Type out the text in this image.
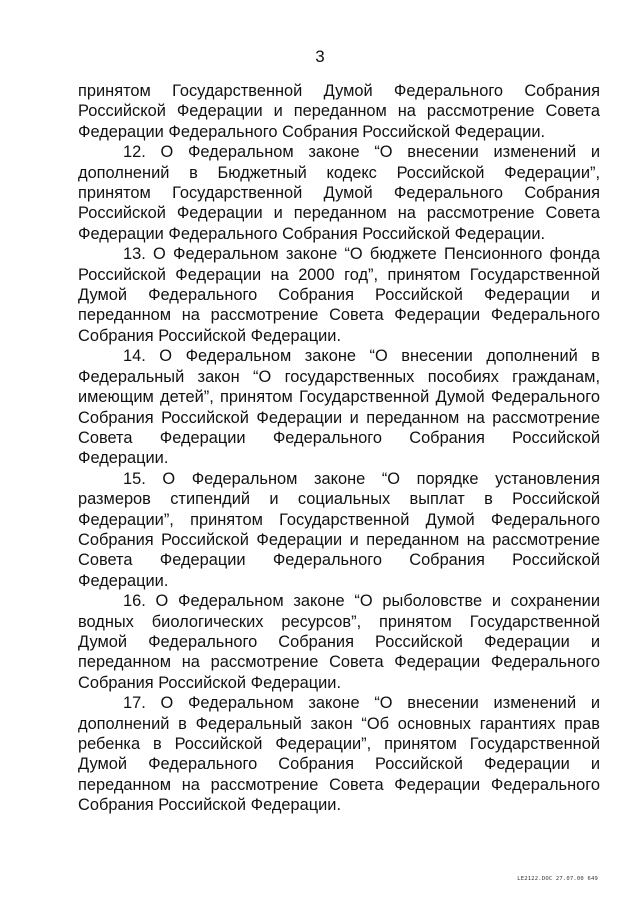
3

принятом Государственной Думой Федерального Собрания Российской Федерации и переданном на рассмотрение Совета Федерации Федерального Собрания Российской Федерации.

12. О Федеральном законе “О внесении изменений и дополнений в Бюджетный кодекс Российской Федерации”, принятом Государственной Думой Федерального Собрания Российской Федерации и переданном на рассмотрение Совета Федерации Федерального Собрания Российской Федерации.

13. О Федеральном законе “О бюджете Пенсионного фонда Российской Федерации на 2000 год”, принятом Государственной Думой Федерального Собрания Российской Федерации и переданном на рассмотрение Совета Федерации Федерального Собрания Российской Федерации.

14. О Федеральном законе “О внесении дополнений в Федеральный закон “О государственных пособиях гражданам, имеющим детей”, принятом Государственной Думой Федерального Собрания Российской Федерации и переданном на рассмотрение Совета Федерации Федерального Собрания Российской Федерации.

15. О Федеральном законе “О порядке установления размеров стипендий и социальных выплат в Российской Федерации”, принятом Государственной Думой Федерального Собрания Российской Федерации и переданном на рассмотрение Совета Федерации Федерального Собрания Российской Федерации.

16. О Федеральном законе “О рыболовстве и сохранении водных биологических ресурсов”, принятом Государственной Думой Федерального Собрания Российской Федерации и переданном на рассмотрение Совета Федерации Федерального Собрания Российской Федерации.

17. О Федеральном законе “О внесении изменений и дополнений в Федеральный закон “Об основных гарантиях прав ребенка в Российской Федерации”, принятом Государственной Думой Федерального Собрания Российской Федерации и переданном на рассмотрение Совета Федерации Федерального Собрания Российской Федерации.

LE2122.DOC 27.07.00 649
